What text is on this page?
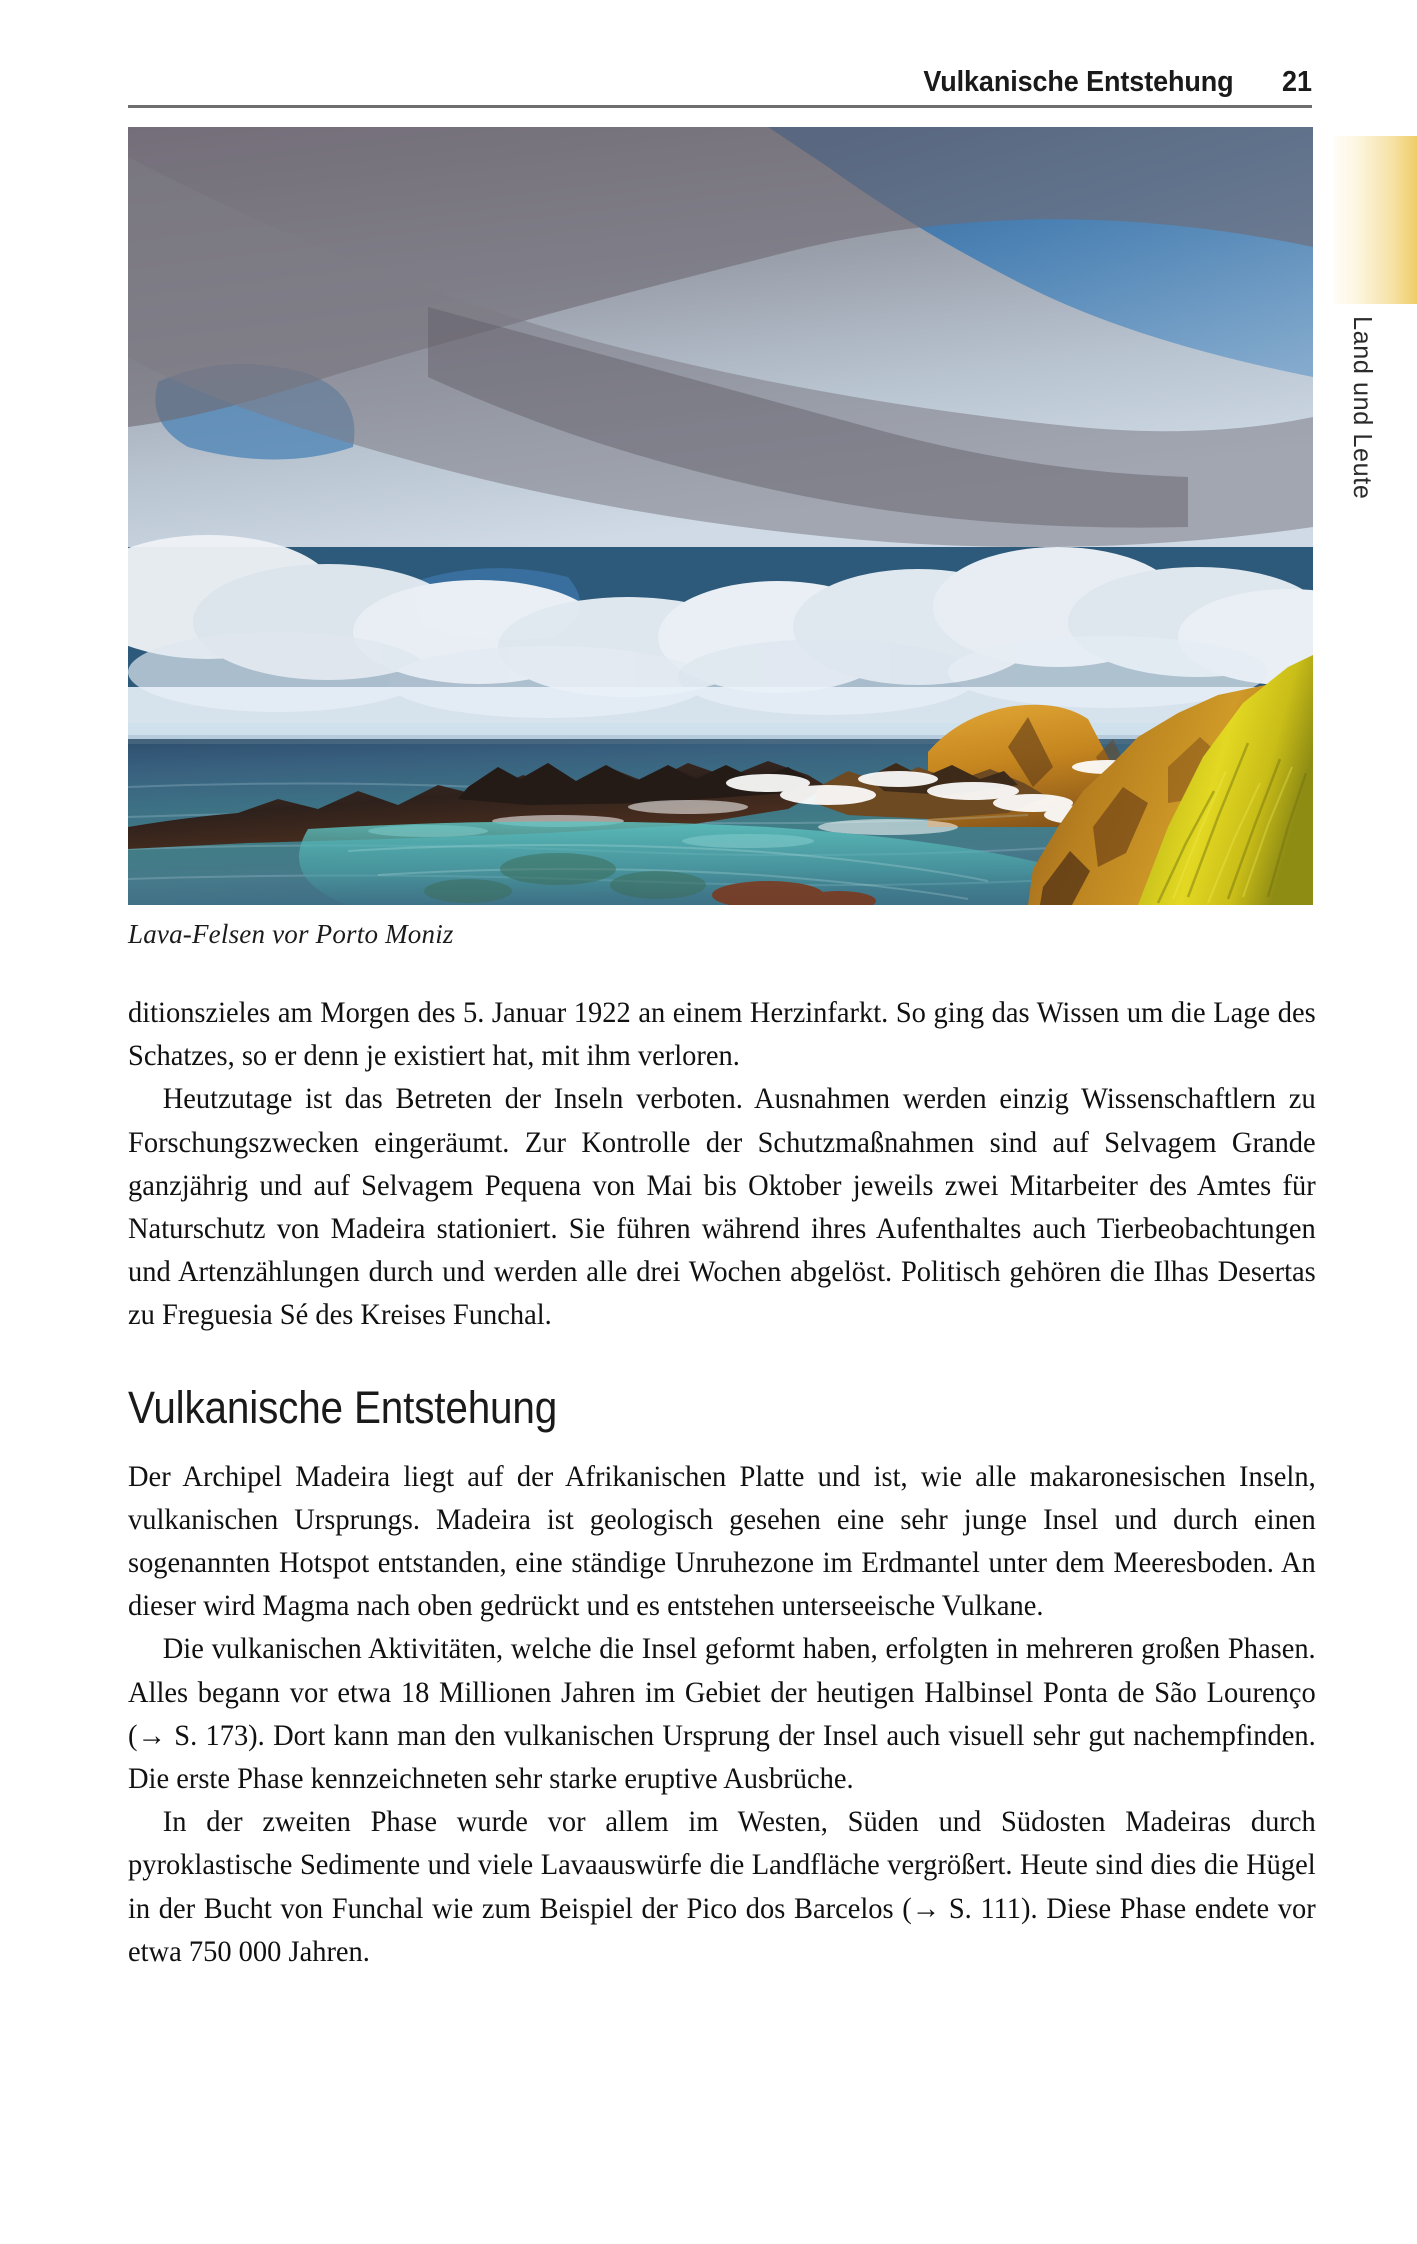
Vulkanische Entstehung 21
Land und Leute
Lava-Felsen vor Porto Moniz

ditionszieles am Morgen des 5. Januar 1922 an einem Herzinfarkt. So ging das Wissen um die Lage des Schatzes, so er denn je existiert hat, mit ihm verloren.

Heutzutage ist das Betreten der Inseln verboten. Ausnahmen werden einzig Wissenschaftlern zu Forschungszwecken eingeräumt. Zur Kontrolle der Schutzmaßnahmen sind auf Selvagem Grande ganzjährig und auf Selvagem Pequena von Mai bis Oktober jeweils zwei Mitarbeiter des Amtes für Naturschutz von Madeira stationiert. Sie führen während ihres Aufenthaltes auch Tierbeobachtungen und Artenzählungen durch und werden alle drei Wochen abgelöst. Politisch gehören die Ilhas Desertas zu Freguesia Sé des Kreises Funchal.

Vulkanische Entstehung

Der Archipel Madeira liegt auf der Afrikanischen Platte und ist, wie alle makaronesischen Inseln, vulkanischen Ursprungs. Madeira ist geologisch gesehen eine sehr junge Insel und durch einen sogenannten Hotspot entstanden, eine ständige Unruhezone im Erdmantel unter dem Meeresboden. An dieser wird Magma nach oben gedrückt und es entstehen unterseeische Vulkane.

Die vulkanischen Aktivitäten, welche die Insel geformt haben, erfolgten in mehreren großen Phasen. Alles begann vor etwa 18 Millionen Jahren im Gebiet der heutigen Halbinsel Ponta de São Lourenço (→ S. 173). Dort kann man den vulkanischen Ursprung der Insel auch visuell sehr gut nachempfinden. Die erste Phase kennzeichneten sehr starke eruptive Ausbrüche.

In der zweiten Phase wurde vor allem im Westen, Süden und Südosten Madeiras durch pyroklastische Sedimente und viele Lavaauswürfe die Landfläche vergrößert. Heute sind dies die Hügel in der Bucht von Funchal wie zum Beispiel der Pico dos Barcelos (→ S. 111). Diese Phase endete vor etwa 750 000 Jahren.
